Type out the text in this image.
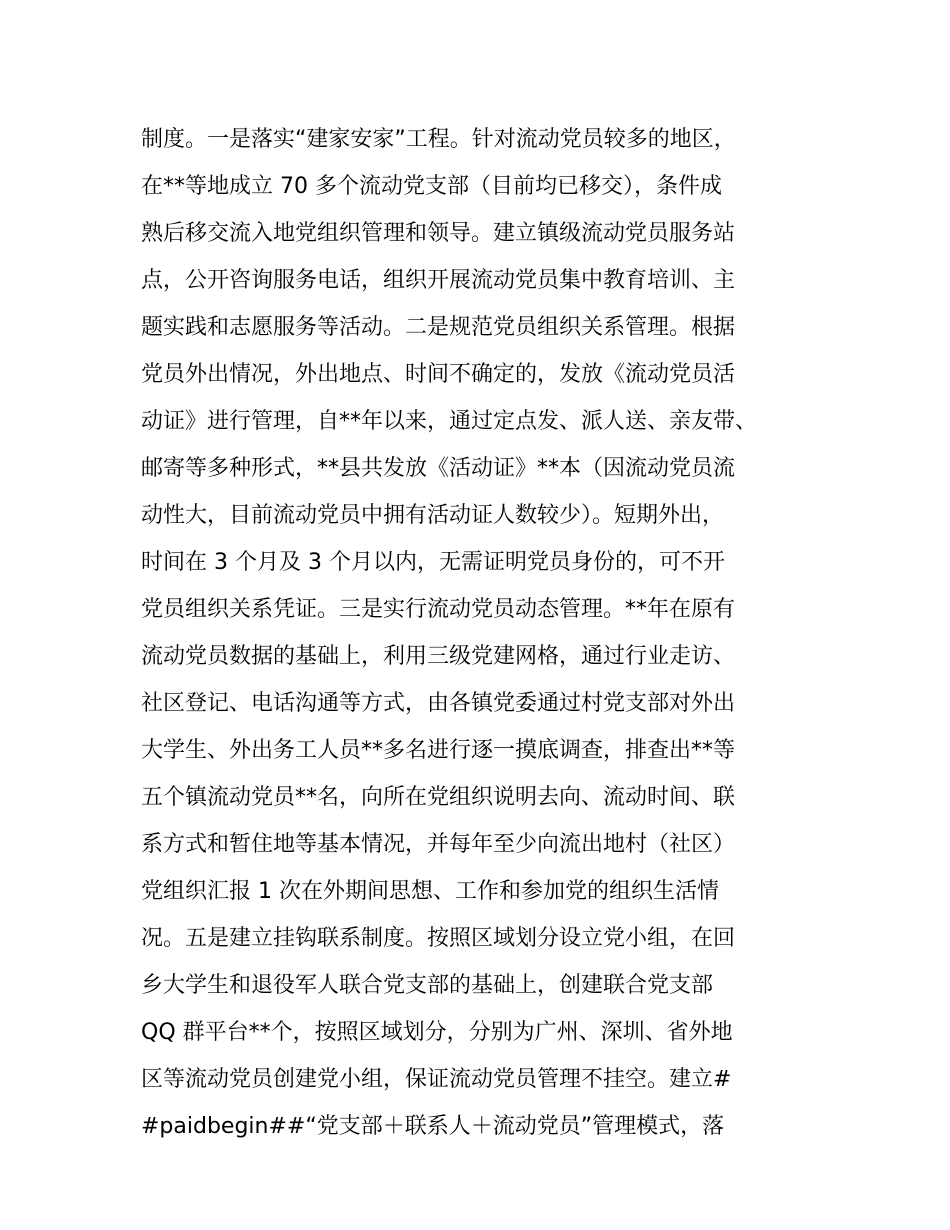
制度。一是落实“建家安家”工程。针对流动党员较多的地区，
在**等地成立 70 多个流动党支部（目前均已移交），条件成
熟后移交流入地党组织管理和领导。建立镇级流动党员服务站
点，公开咨询服务电话，组织开展流动党员集中教育培训、主
题实践和志愿服务等活动。二是规范党员组织关系管理。根据
党员外出情况，外出地点、时间不确定的，发放《流动党员活
动证》进行管理，自**年以来，通过定点发、派人送、亲友带、
邮寄等多种形式，**县共发放《活动证》**本（因流动党员流
动性大，目前流动党员中拥有活动证人数较少）。短期外出，
时间在 3 个月及 3 个月以内，无需证明党员身份的，可不开
党员组织关系凭证。三是实行流动党员动态管理。**年在原有
流动党员数据的基础上，利用三级党建网格，通过行业走访、
社区登记、电话沟通等方式，由各镇党委通过村党支部对外出
大学生、外出务工人员**多名进行逐一摸底调查，排查出**等
五个镇流动党员**名，向所在党组织说明去向、流动时间、联
系方式和暂住地等基本情况，并每年至少向流出地村（社区）
党组织汇报 1 次在外期间思想、工作和参加党的组织生活情
况。五是建立挂钩联系制度。按照区域划分设立党小组，在回
乡大学生和退役军人联合党支部的基础上，创建联合党支部
QQ 群平台**个，按照区域划分，分别为广州、深圳、省外地
区等流动党员创建党小组，保证流动党员管理不挂空。建立#
#paidbegin##“党支部＋联系人＋流动党员”管理模式，落
